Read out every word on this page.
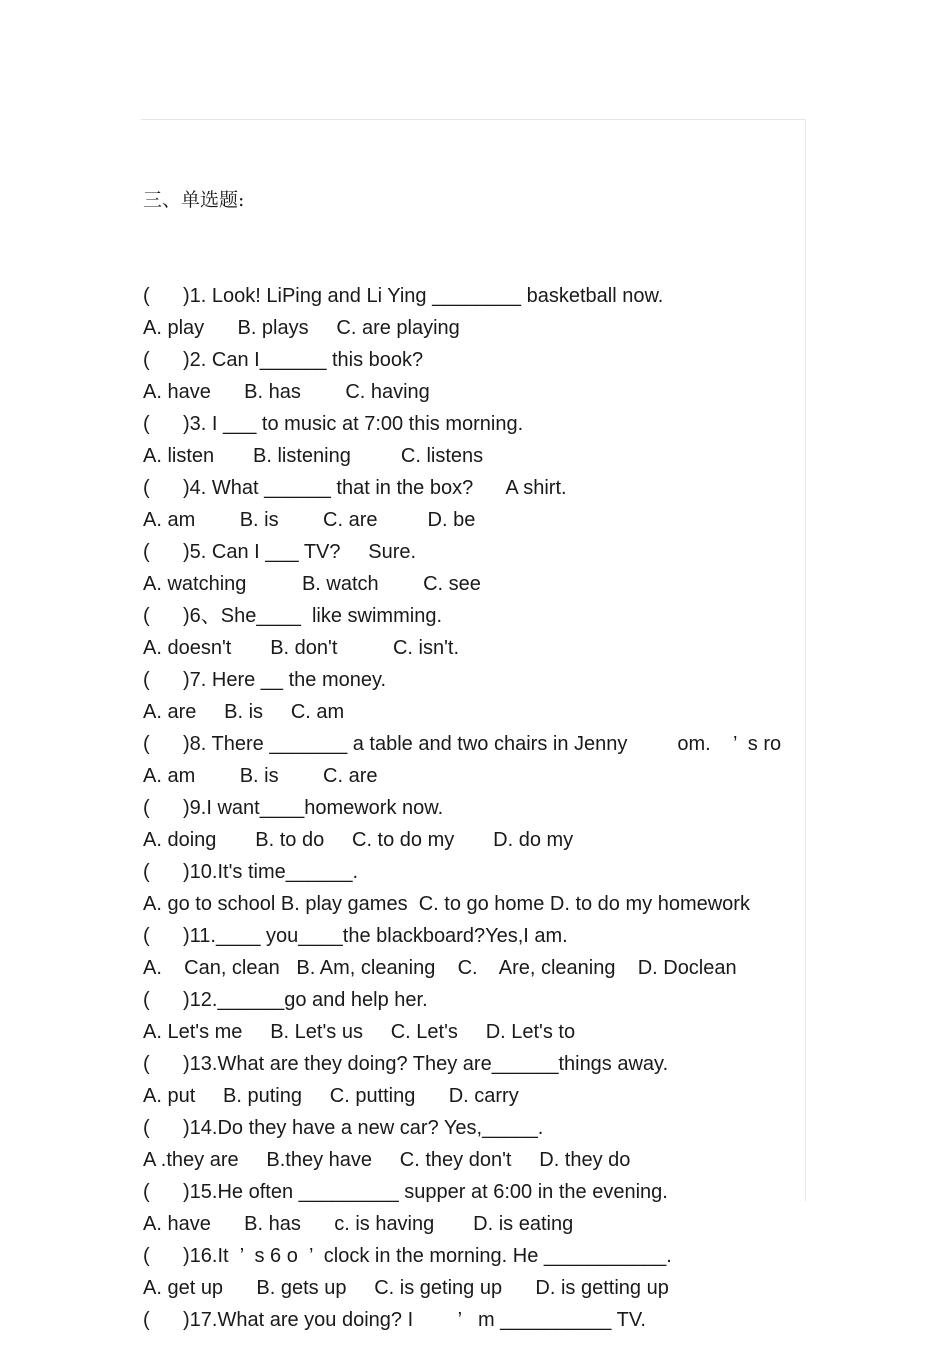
三、单选题:

(      )1. Look! LiPing and Li Ying ________ basketball now.
A. play      B. plays     C. are playing
(      )2. Can I______ this book?
A. have      B. has        C. having
(      )3. I ___ to music at 7:00 this morning.
A. listen       B. listening         C. listens
(      )4. What ______ that in the box?      A shirt.
A. am        B. is        C. are         D. be
(      )5. Can I ___ TV?     Sure.
A. watching          B. watch        C. see
(      )6、She____  like swimming.
A. doesn't       B. don't          C. isn't.
(      )7. Here __ the money.
A. are     B. is     C. am
(      )8. There _______ a table and two chairs in Jenny         om.    ’  s ro
A. am        B. is        C. are
(      )9.I want____homework now.
A. doing       B. to do     C. to do my       D. do my
(      )10.It's time______.
A. go to school B. play games  C. to go home D. to do my homework
(      )11.____ you____the blackboard?Yes,I am.
A.    Can, clean   B. Am, cleaning    C.    Are, cleaning    D. Doclean
(      )12.______go and help her.
A. Let's me     B. Let's us     C. Let's     D. Let's to
(      )13.What are they doing? They are______things away.
A. put     B. puting     C. putting      D. carry
(      )14.Do they have a new car? Yes,_____.
A .they are     B.they have     C. they don't     D. they do
(      )15.He often _________ supper at 6:00 in the evening.
A. have      B. has      c. is having       D. is eating
(      )16.It  ’  s 6 o  ’  clock in the morning. He ___________.
A. get up      B. gets up     C. is geting up      D. is getting up
(      )17.What are you doing? I        ’   m __________ TV.
